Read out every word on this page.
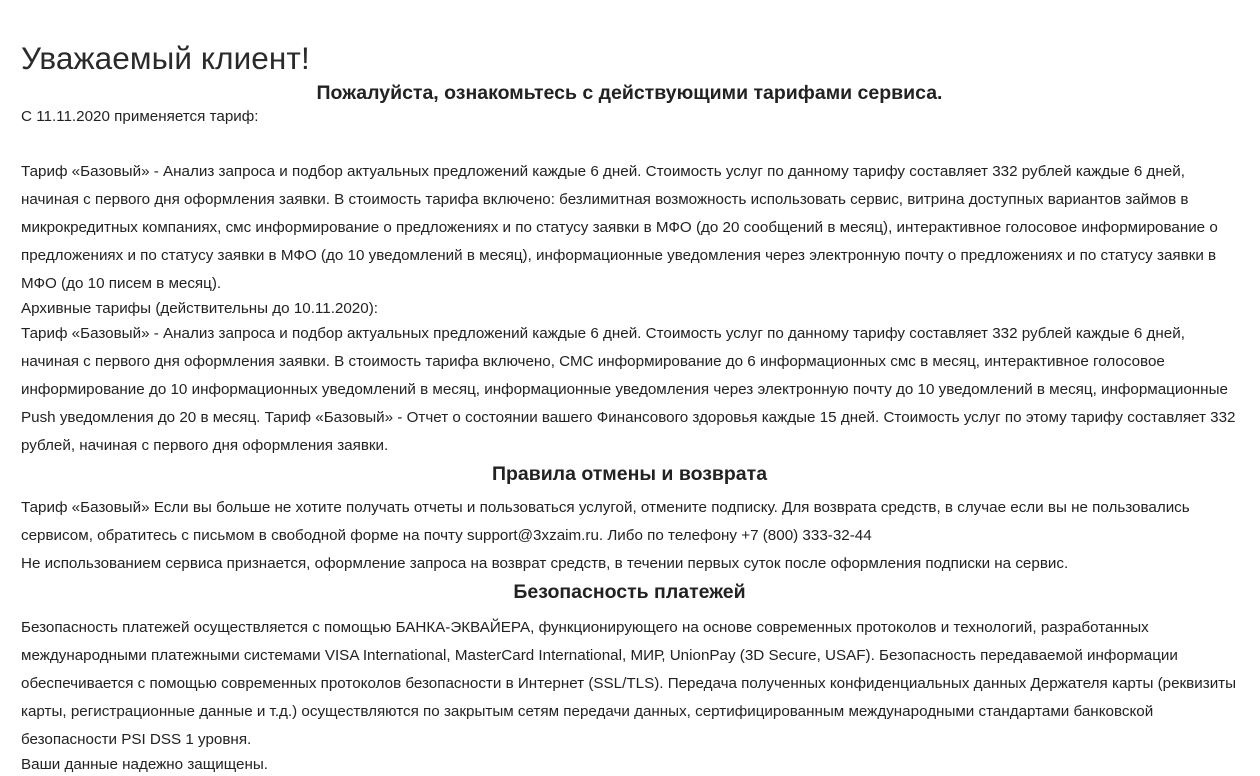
Уважаемый клиент!
Пожалуйста, ознакомьтесь с действующими тарифами сервиса.

С 11.11.2020 применяется тариф:

Тариф «Базовый» - Анализ запроса и подбор актуальных предложений каждые 6 дней. Стоимость услуг по данному тарифу составляет 332 рублей каждые 6 дней, начиная с первого дня оформления заявки. В стоимость тарифа включено: безлимитная возможность использовать сервис, витрина доступных вариантов займов в микрокредитных компаниях, смс информирование о предложениях и по статусу заявки в МФО (до 20 сообщений в месяц), интерактивное голосовое информирование о предложениях и по статусу заявки в МФО (до 10 уведомлений в месяц), информационные уведомления через электронную почту о предложениях и по статусу заявки в МФО (до 10 писем в месяц).

Архивные тарифы (действительны до 10.11.2020):

Тариф «Базовый» - Анализ запроса и подбор актуальных предложений каждые 6 дней. Стоимость услуг по данному тарифу составляет 332 рублей каждые 6 дней, начиная с первого дня оформления заявки. В стоимость тарифа включено, СМС информирование до 6 информационных смс в месяц, интерактивное голосовое информирование до 10 информационных уведомлений в месяц, информационные уведомления через электронную почту до 10 уведомлений в месяц, информационные Push уведомления до 20 в месяц. Тариф «Базовый» - Отчет о состоянии вашего Финансового здоровья каждые 15 дней. Стоимость услуг по этому тарифу составляет 332 рублей, начиная с первого дня оформления заявки.

Правила отмены и возврата

Тариф «Базовый» Если вы больше не хотите получать отчеты и пользоваться услугой, отмените подписку. Для возврата средств, в случае если вы не пользовались сервисом, обратитесь с письмом в свободной форме на почту support@3xzaim.ru. Либо по телефону +7 (800) 333-32-44

Не использованием сервиса признается, оформление запроса на возврат средств, в течении первых суток после оформления подписки на сервис.

Безопасность платежей

Безопасность платежей осуществляется с помощью БАНКА-ЭКВАЙЕРА, функционирующего на основе современных протоколов и технологий, разработанных международными платежными системами VISA International, MasterCard International, МИР, UnionPay (3D Secure, USAF). Безопасность передаваемой информации обеспечивается с помощью современных протоколов безопасности в Интернет (SSL/TLS). Передача полученных конфиденциальных данных Держателя карты (реквизиты карты, регистрационные данные и т.д.) осуществляются по закрытым сетям передачи данных, сертифицированным международными стандартами банковской безопасности PSI DSS 1 уровня.

Ваши данные надежно защищены.
